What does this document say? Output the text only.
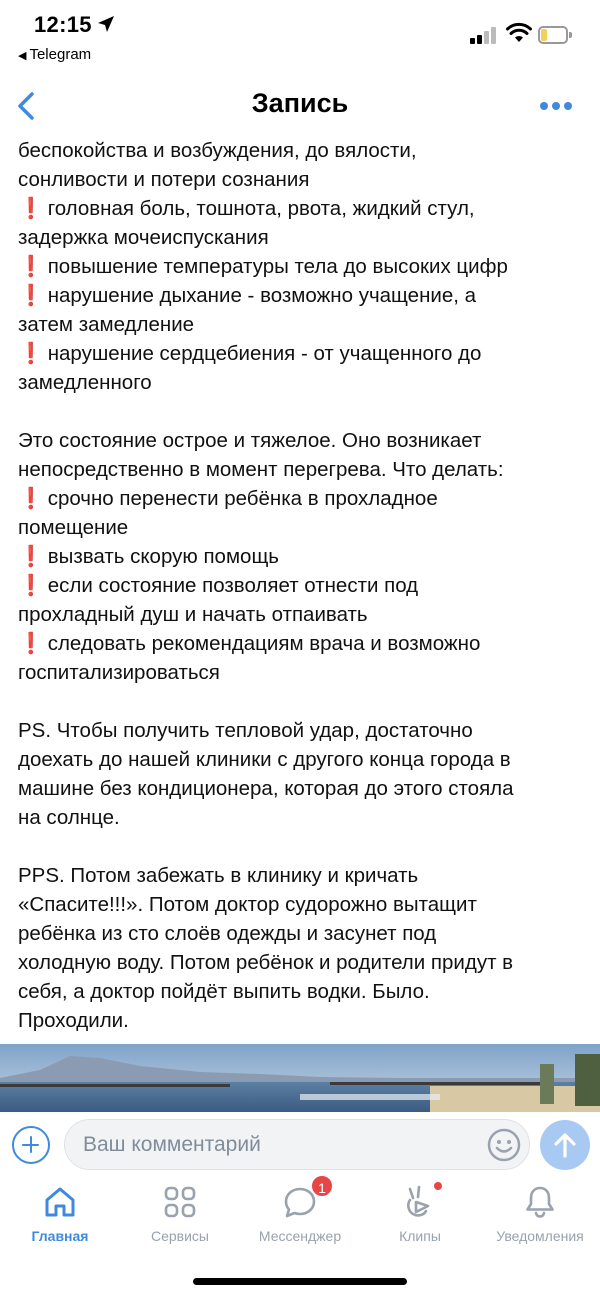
12:15
◀ Telegram
Запись
беспокойства и возбуждения, до вялости,
сонливости и потери сознания
❗ головная боль, тошнота, рвота, жидкий стул,
задержка мочеиспускания
❗ повышение температуры тела до высоких цифр
❗ нарушение дыхание - возможно учащение, а
затем замедление
❗ нарушение сердцебиения - от учащенного до
замедленного
Это состояние острое и тяжелое. Оно возникает
непосредственно в момент перегрева. Что делать:
❗ срочно перенести ребёнка в прохладное
помещение
❗ вызвать скорую помощь
❗ если состояние позволяет отнести под
прохладный душ и начать отпаивать
❗ следовать рекомендациям врача и возможно
госпитализироваться
PS. Чтобы получить тепловой удар, достаточно
доехать до нашей клиники с другого конца города в
машине без кондиционера, которая до этого стояла
на солнце.
PPS. Потом забежать в клинику и кричать
«Спасите!!!». Потом доктор судорожно вытащит
ребёнка из сто слоёв одежды и засунет под
холодную воду. Потом ребёнок и родители придут в
себя, а доктор пойдёт выпить водки. Было.
Проходили.
Ваш комментарий
Главная	Сервисы
1
Мессенджер	Клипы	Уведомления
